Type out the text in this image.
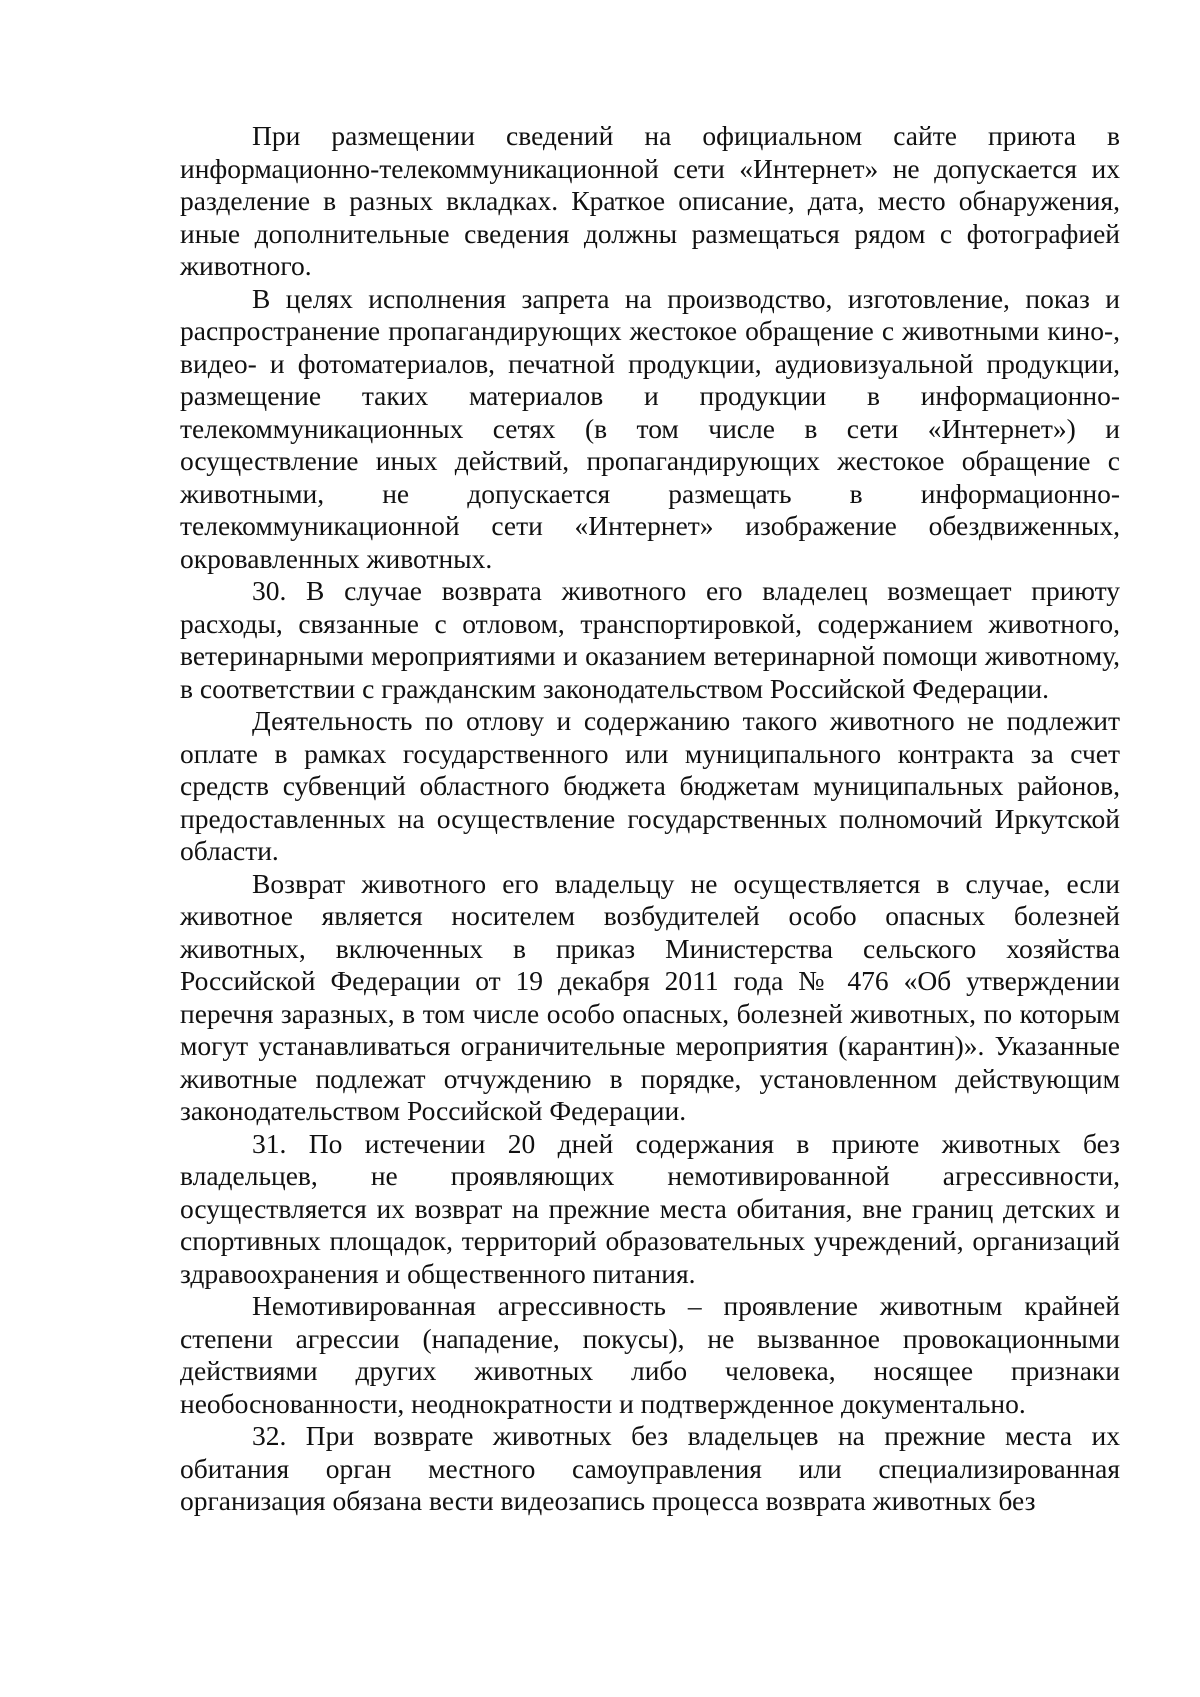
При размещении сведений на официальном сайте приюта в информационно-телекоммуникационной сети «Интернет» не допускается их разделение в разных вкладках. Краткое описание, дата, место обнаружения, иные дополнительные сведения должны размещаться рядом с фотографией животного.

В целях исполнения запрета на производство, изготовление, показ и распространение пропагандирующих жестокое обращение с животными кино-, видео- и фотоматериалов, печатной продукции, аудиовизуальной продукции, размещение таких материалов и продукции в информационно-телекоммуникационных сетях (в том числе в сети «Интернет») и осуществление иных действий, пропагандирующих жестокое обращение с животными, не допускается размещать в информационно-телекоммуникационной сети «Интернет» изображение обездвиженных, окровавленных животных.

30. В случае возврата животного его владелец возмещает приюту расходы, связанные с отловом, транспортировкой, содержанием животного, ветеринарными мероприятиями и оказанием ветеринарной помощи животному, в соответствии с гражданским законодательством Российской Федерации.

Деятельность по отлову и содержанию такого животного не подлежит оплате в рамках государственного или муниципального контракта за счет средств субвенций областного бюджета бюджетам муниципальных районов, предоставленных на осуществление государственных полномочий Иркутской области.

Возврат животного его владельцу не осуществляется в случае, если животное является носителем возбудителей особо опасных болезней животных, включенных в приказ Министерства сельского хозяйства Российской Федерации от 19 декабря 2011 года № 476 «Об утверждении перечня заразных, в том числе особо опасных, болезней животных, по которым могут устанавливаться ограничительные мероприятия (карантин)». Указанные животные подлежат отчуждению в порядке, установленном действующим законодательством Российской Федерации.

31. По истечении 20 дней содержания в приюте животных без владельцев, не проявляющих немотивированной агрессивности, осуществляется их возврат на прежние места обитания, вне границ детских и спортивных площадок, территорий образовательных учреждений, организаций здравоохранения и общественного питания.

Немотивированная агрессивность – проявление животным крайней степени агрессии (нападение, покусы), не вызванное провокационными действиями других животных либо человека, носящее признаки необоснованности, неоднократности и подтвержденное документально.

32. При возврате животных без владельцев на прежние места их обитания орган местного самоуправления или специализированная организация обязана вести видеозапись процесса возврата животных без
